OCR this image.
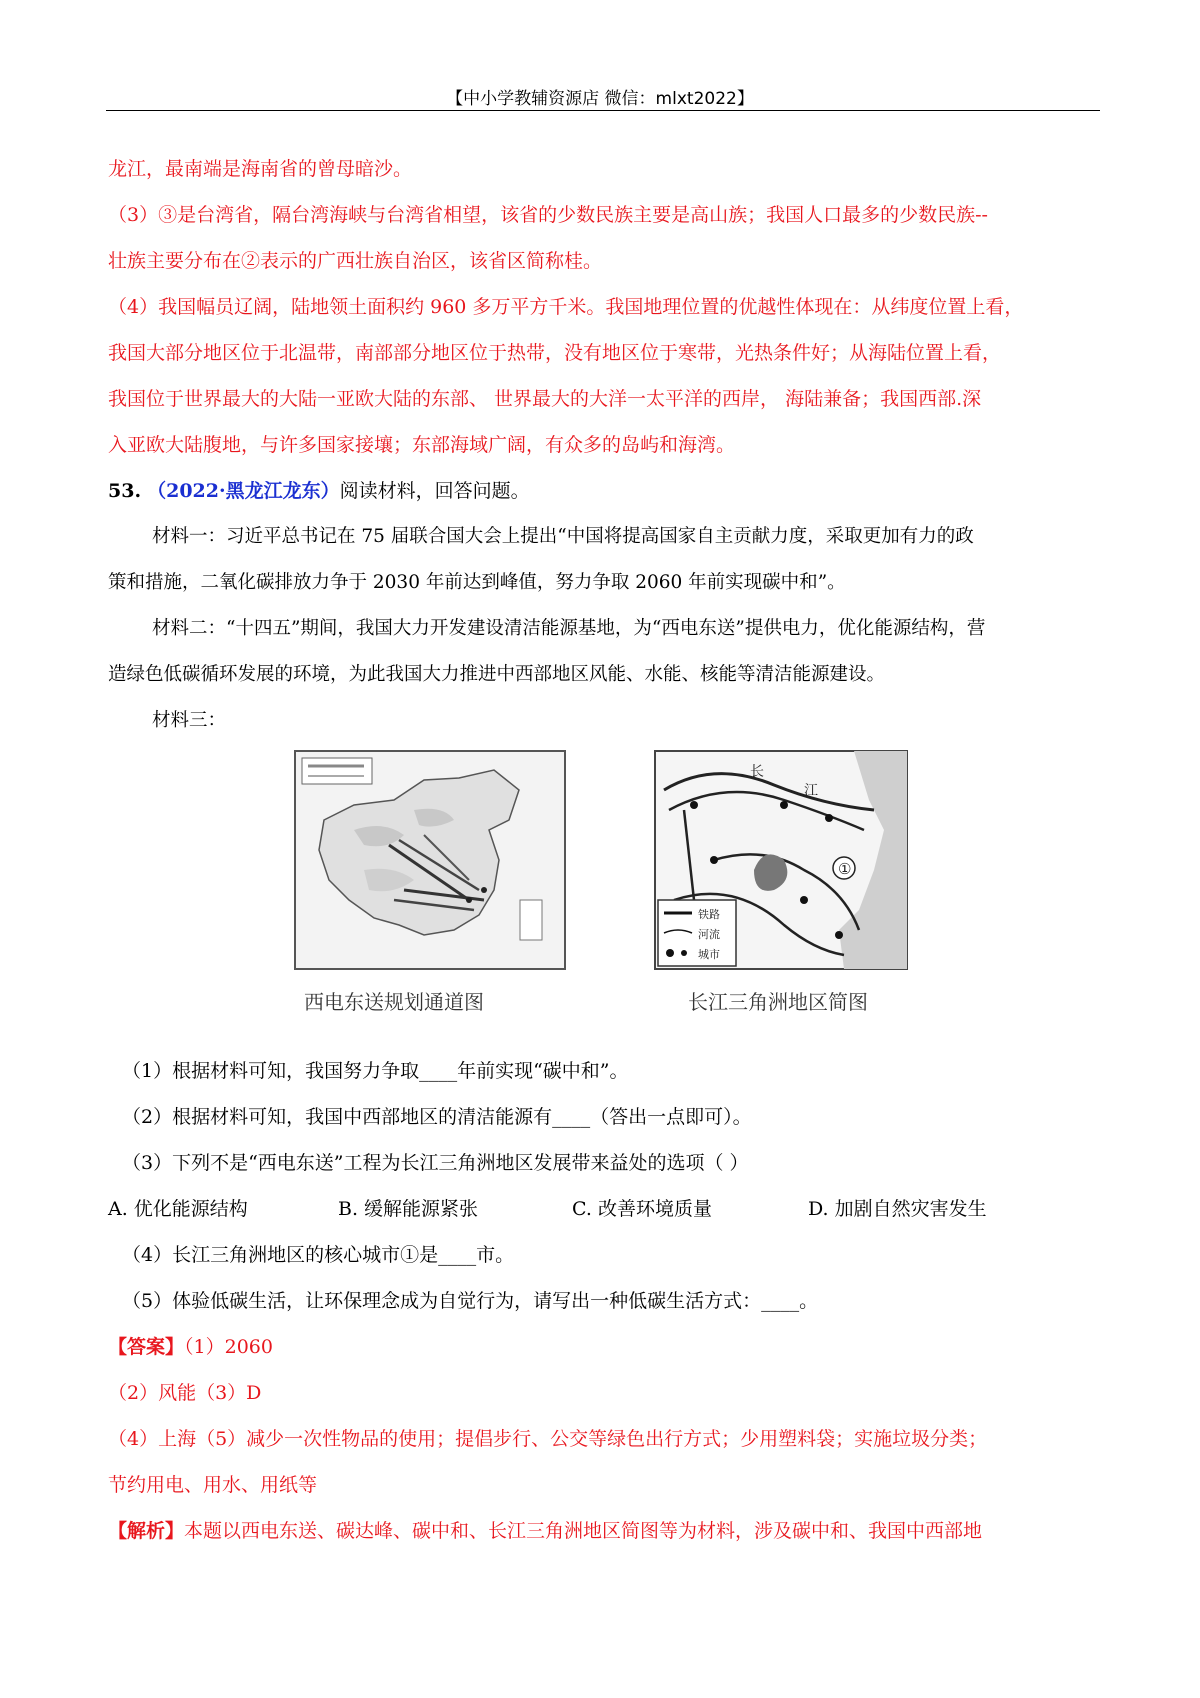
【中小学教辅资源店 微信：mlxt2022】

龙江，最南端是海南省的曾母暗沙。

（3）③是台湾省，隔台湾海峡与台湾省相望，该省的少数民族主要是高山族；我国人口最多的少数民族--

壮族主要分布在②表示的广西壮族自治区，该省区简称桂。

（4）我国幅员辽阔，陆地领土面积约 960 多万平方千米。我国地理位置的优越性体现在：从纬度位置上看，

我国大部分地区位于北温带，南部部分地区位于热带，没有地区位于寒带，光热条件好；从海陆位置上看，

我国位于世界最大的大陆一亚欧大陆的东部、 世界最大的大洋一太平洋的西岸， 海陆兼备；我国西部.深

入亚欧大陆腹地，与许多国家接壤；东部海域广阔，有众多的岛屿和海湾。

53. （2022·黑龙江龙东）阅读材料，回答问题。

材料一：习近平总书记在 75 届联合国大会上提出“中国将提高国家自主贡献力度，采取更加有力的政

策和措施，二氧化碳排放力争于 2030 年前达到峰值，努力争取 2060 年前实现碳中和”。

材料二：“十四五”期间，我国大力开发建设清洁能源基地，为“西电东送”提供电力，优化能源结构，营

造绿色低碳循环发展的环境，为此我国大力推进中西部地区风能、水能、核能等清洁能源建设。

材料三：

西电东送规划通道图
①
长
江
铁路
河流
城市
长江三角洲地区简图

（1）根据材料可知，我国努力争取____年前实现“碳中和”。

（2）根据材料可知，我国中西部地区的清洁能源有____（答出一点即可）。

（3）下列不是“西电东送”工程为长江三角洲地区发展带来益处的选项（ ）

A. 优化能源结构	B. 缓解能源紧张	C. 改善环境质量	D. 加剧自然灾害发生

（4）长江三角洲地区的核心城市①是____市。

（5）体验低碳生活，让环保理念成为自觉行为，请写出一种低碳生活方式：____。

【答案】（1）2060

（2）风能（3）D

（4）上海（5）减少一次性物品的使用；提倡步行、公交等绿色出行方式；少用塑料袋；实施垃圾分类；

节约用电、用水、用纸等

【解析】本题以西电东送、碳达峰、碳中和、长江三角洲地区简图等为材料，涉及碳中和、我国中西部地
